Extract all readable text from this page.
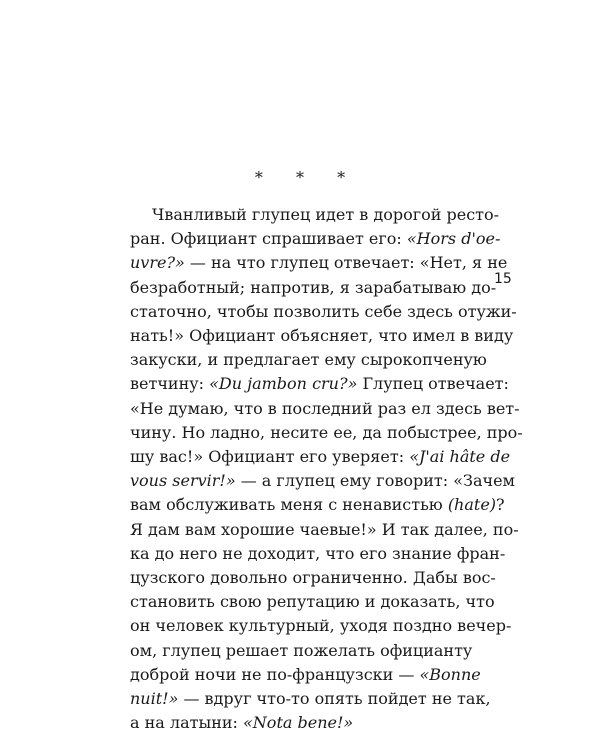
* * *
Чванливый глупец идет в дорогой ресто-
ран. Официант спрашивает его: «Hors d'oe-
uvre?» — на что глупец отвечает: «Нет, я не
безработный; напротив, я зарабатываю до-
статочно, чтобы позволить себе здесь отужи-
нать!» Официант объясняет, что имел в виду
закуски, и предлагает ему сырокопченую
ветчину: «Du jambon cru?» Глупец отвечает:
«Не думаю, что в последний раз ел здесь вет-
чину. Но ладно, несите ее, да побыстрее, про-
шу вас!» Официант его уверяет: «J'ai hâte de
vous servir!» — а глупец ему говорит: «Зачем
вам обслуживать меня с ненавистью (hate)?
Я дам вам хорошие чаевые!» И так далее, по-
ка до него не доходит, что его знание фран-
цузского довольно ограниченно. Дабы вос-
становить свою репутацию и доказать, что
он человек культурный, уходя поздно вечер-
ом, глупец решает пожелать официанту
доброй ночи не по-французски — «Bonne
nuit!» — вдруг что-то опять пойдет не так,
а на латыни: «Nota bene!»
15
